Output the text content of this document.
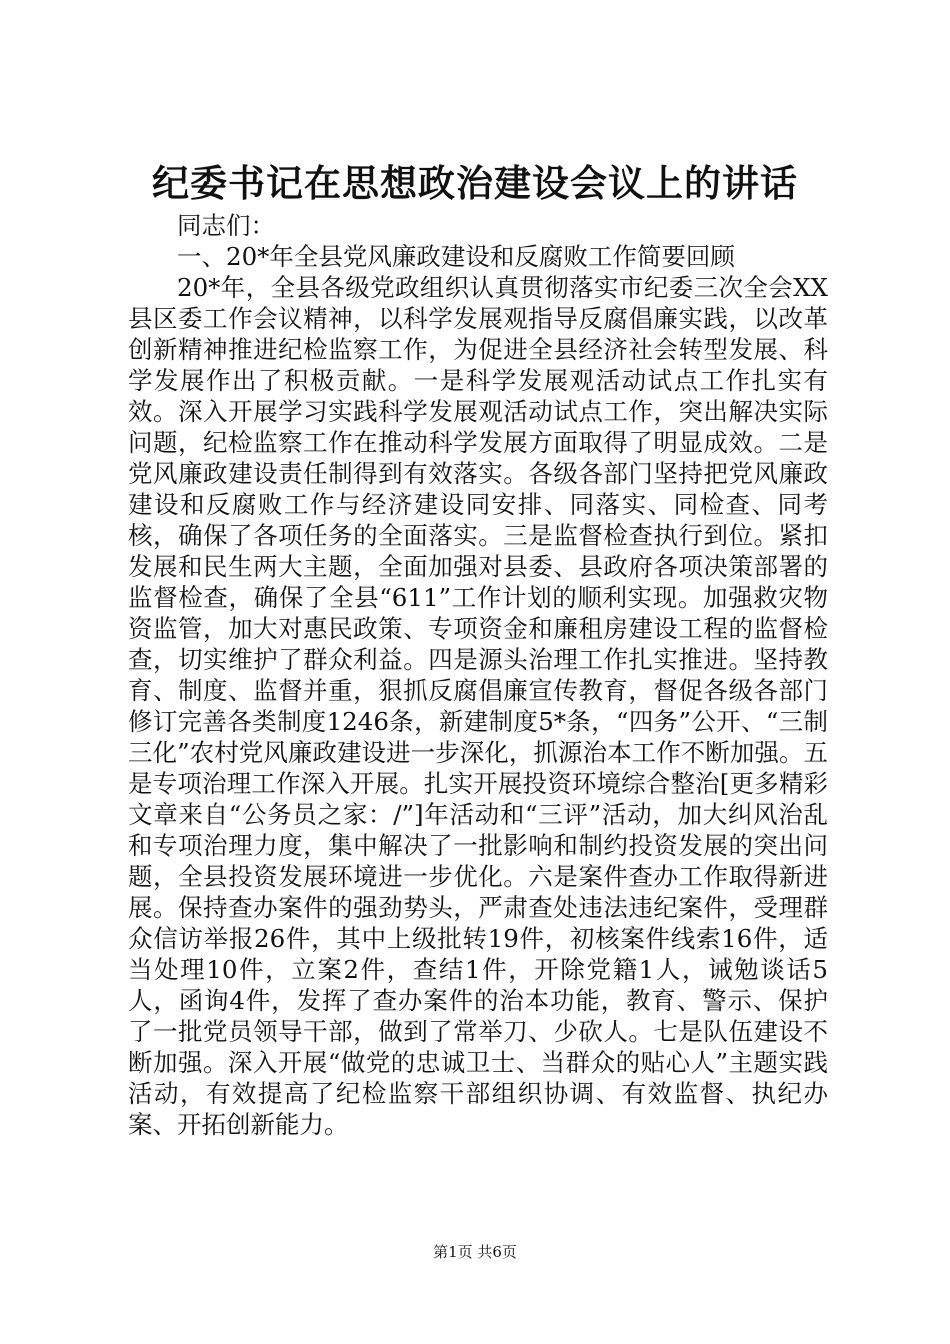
纪委书记在思想政治建设会议上的讲话

同志们：

一、20*年全县党风廉政建设和反腐败工作简要回顾

20*年，全县各级党政组织认真贯彻落实市纪委三次全会XX县区委工作会议精神，以科学发展观指导反腐倡廉实践，以改革创新精神推进纪检监察工作，为促进全县经济社会转型发展、科学发展作出了积极贡献。一是科学发展观活动试点工作扎实有效。深入开展学习实践科学发展观活动试点工作，突出解决实际问题，纪检监察工作在推动科学发展方面取得了明显成效。二是党风廉政建设责任制得到有效落实。各级各部门坚持把党风廉政建设和反腐败工作与经济建设同安排、同落实、同检查、同考核，确保了各项任务的全面落实。三是监督检查执行到位。紧扣发展和民生两大主题，全面加强对县委、县政府各项决策部署的监督检查，确保了全县“611”工作计划的顺利实现。加强救灾物资监管，加大对惠民政策、专项资金和廉租房建设工程的监督检查，切实维护了群众利益。四是源头治理工作扎实推进。坚持教育、制度、监督并重，狠抓反腐倡廉宣传教育，督促各级各部门修订完善各类制度1246条，新建制度5*条，“四务”公开、“三制三化”农村党风廉政建设进一步深化，抓源治本工作不断加强。五是专项治理工作深入开展。扎实开展投资环境综合整治[更多精彩文章来自“公务员之家：/”]年活动和“三评”活动，加大纠风治乱和专项治理力度，集中解决了一批影响和制约投资发展的突出问题，全县投资发展环境进一步优化。六是案件查办工作取得新进展。保持查办案件的强劲势头，严肃查处违法违纪案件，受理群众信访举报26件，其中上级批转19件，初核案件线索16件，适当处理10件，立案2件，查结1件，开除党籍1人，诫勉谈话5人，函询4件，发挥了查办案件的治本功能，教育、警示、保护了一批党员领导干部，做到了常举刀、少砍人。七是队伍建设不断加强。深入开展“做党的忠诚卫士、当群众的贴心人”主题实践活动，有效提高了纪检监察干部组织协调、有效监督、执纪办案、开拓创新能力。

第1页 共6页
